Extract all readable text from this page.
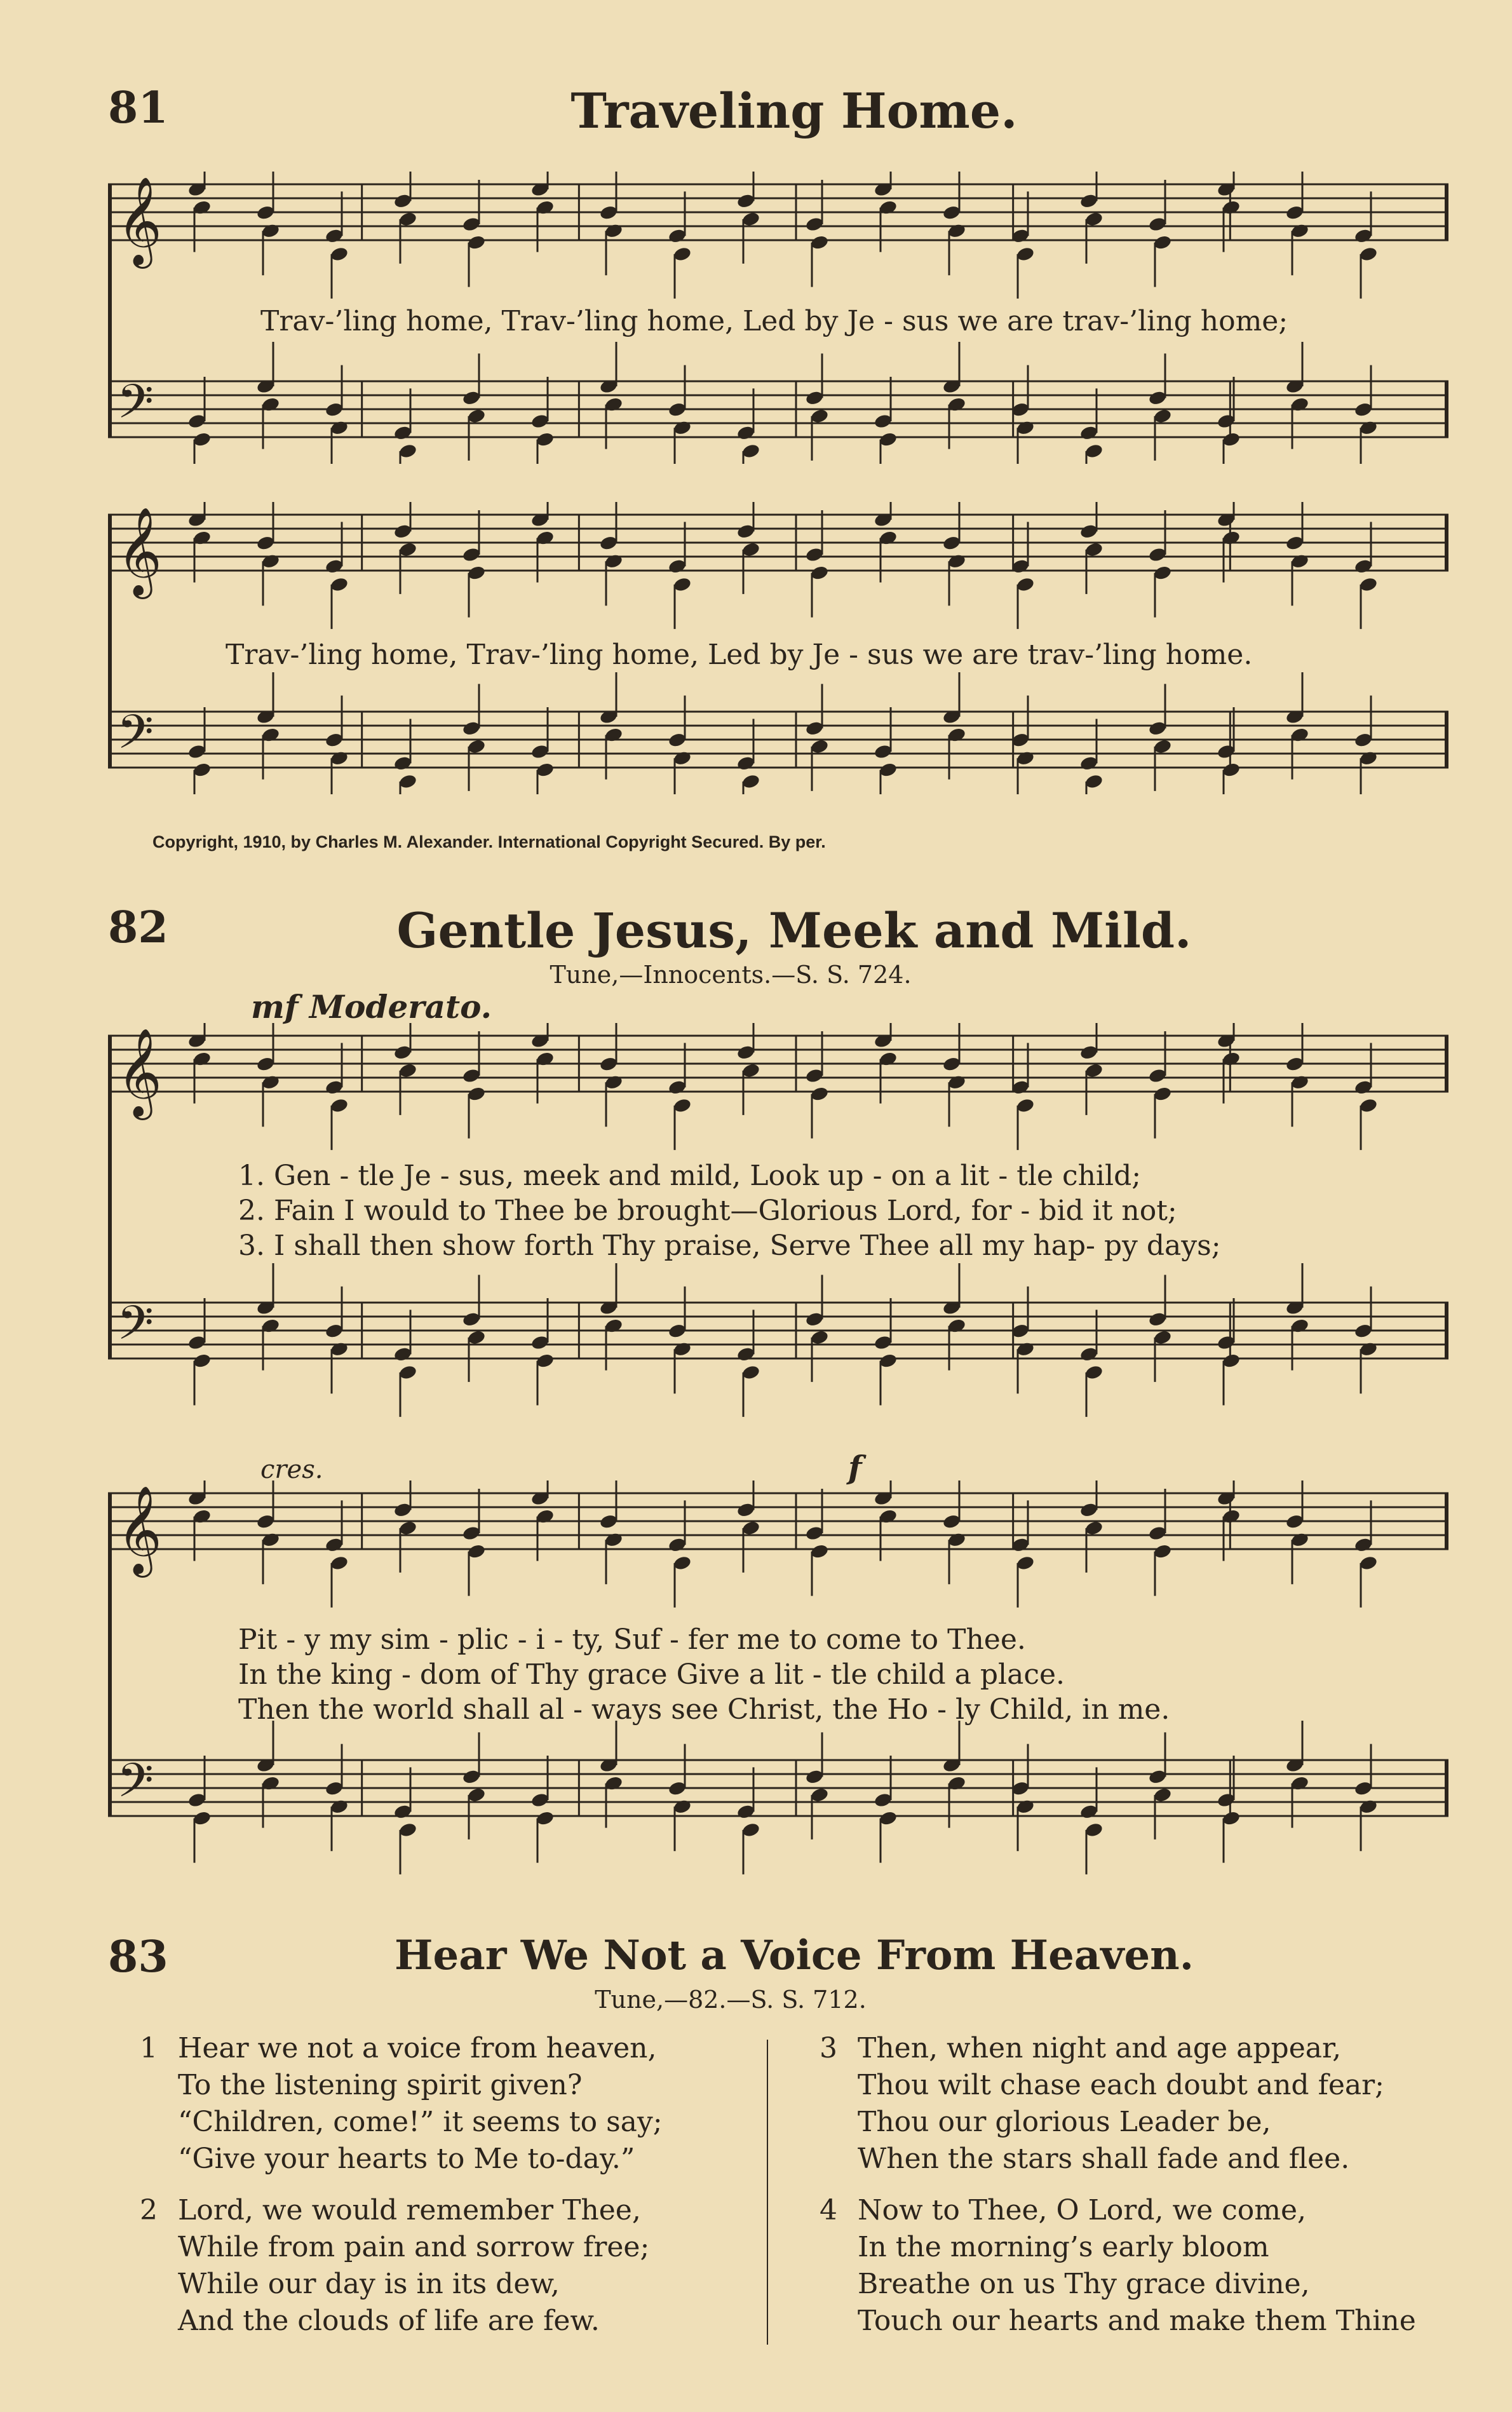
81	Traveling Home.
𝄞
𝄢
Trav-’ling home, Trav-’ling home, Led by Je - sus we are trav-’ling home;
𝄞
𝄢
Trav-’ling home, Trav-’ling home, Led by Je - sus we are trav-’ling home.
Copyright, 1910, by Charles M. Alexander. International Copyright Secured. By per.
82	Gentle Jesus, Meek and Mild.
Tune,—Innocents.—S. S. 724.
mf Moderato.
𝄞
𝄢
1. Gen - tle Je - sus, meek and mild, Look up - on a lit - tle child;
2. Fain I would to Thee be brought—Glorious Lord, for - bid it not;
3. I shall then show forth Thy praise, Serve Thee all my hap- py days;
cres.	f
𝄞
𝄢
Pit - y my sim - plic - i - ty, Suf - fer me to come to Thee.
In the king - dom of Thy grace Give a lit - tle child a place.
Then the world shall al - ways see Christ, the Ho - ly Child, in me.
83	Hear We Not a Voice From Heaven.
Tune,—82.—S. S. 712.
1 Hear we not a voice from heaven,
To the listening spirit given?
“Children, come!” it seems to say;
“Give your hearts to Me to-day.”
2 Lord, we would remember Thee,
While from pain and sorrow free;
While our day is in its dew,
And the clouds of life are few.
3 Then, when night and age appear,
Thou wilt chase each doubt and fear;
Thou our glorious Leader be,
When the stars shall fade and flee.
4 Now to Thee, O Lord, we come,
In the morning’s early bloom
Breathe on us Thy grace divine,
Touch our hearts and make them Thine
